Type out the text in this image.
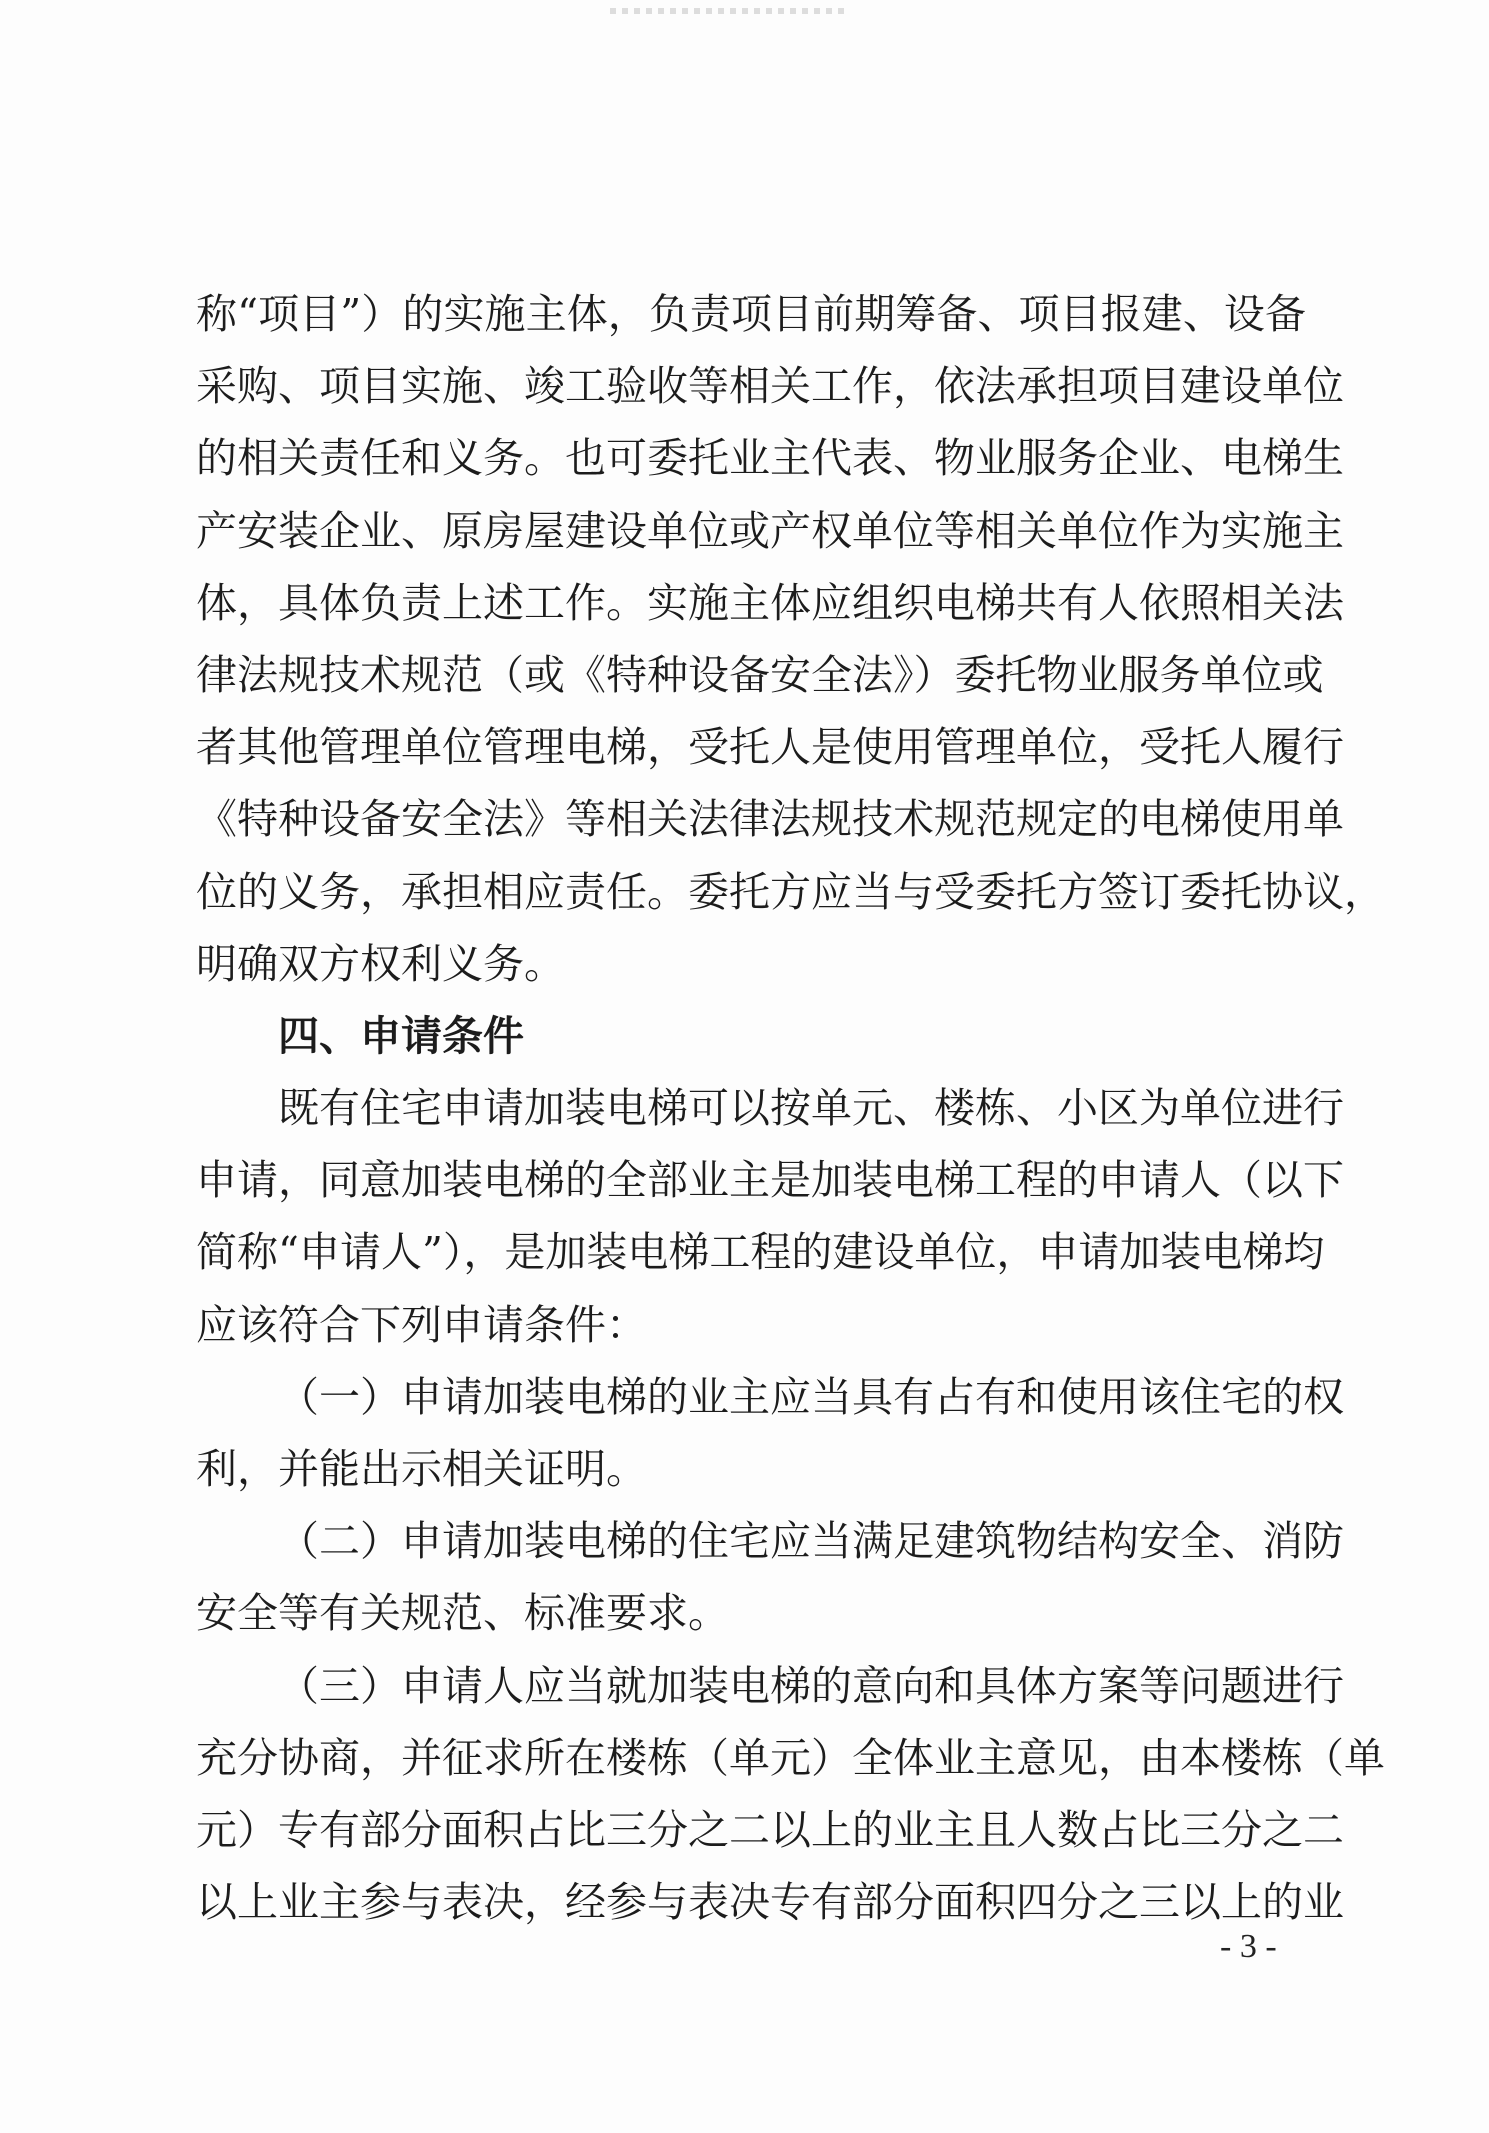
称“项目”）的实施主体，负责项目前期筹备、项目报建、设备
采购、项目实施、竣工验收等相关工作，依法承担项目建设单位
的相关责任和义务。也可委托业主代表、物业服务企业、电梯生
产安装企业、原房屋建设单位或产权单位等相关单位作为实施主
体，具体负责上述工作。实施主体应组织电梯共有人依照相关法
律法规技术规范（或《特种设备安全法》）委托物业服务单位或
者其他管理单位管理电梯，受托人是使用管理单位，受托人履行
《特种设备安全法》等相关法律法规技术规范规定的电梯使用单
位的义务，承担相应责任。委托方应当与受委托方签订委托协议，
明确双方权利义务。
四、申请条件
既有住宅申请加装电梯可以按单元、楼栋、小区为单位进行
申请，同意加装电梯的全部业主是加装电梯工程的申请人（以下
简称“申请人”），是加装电梯工程的建设单位，申请加装电梯均
应该符合下列申请条件：
（一）申请加装电梯的业主应当具有占有和使用该住宅的权
利，并能出示相关证明。
（二）申请加装电梯的住宅应当满足建筑物结构安全、消防
安全等有关规范、标准要求。
（三）申请人应当就加装电梯的意向和具体方案等问题进行
充分协商，并征求所在楼栋（单元）全体业主意见，由本楼栋（单
元）专有部分面积占比三分之二以上的业主且人数占比三分之二
以上业主参与表决，经参与表决专有部分面积四分之三以上的业
- 3 -
